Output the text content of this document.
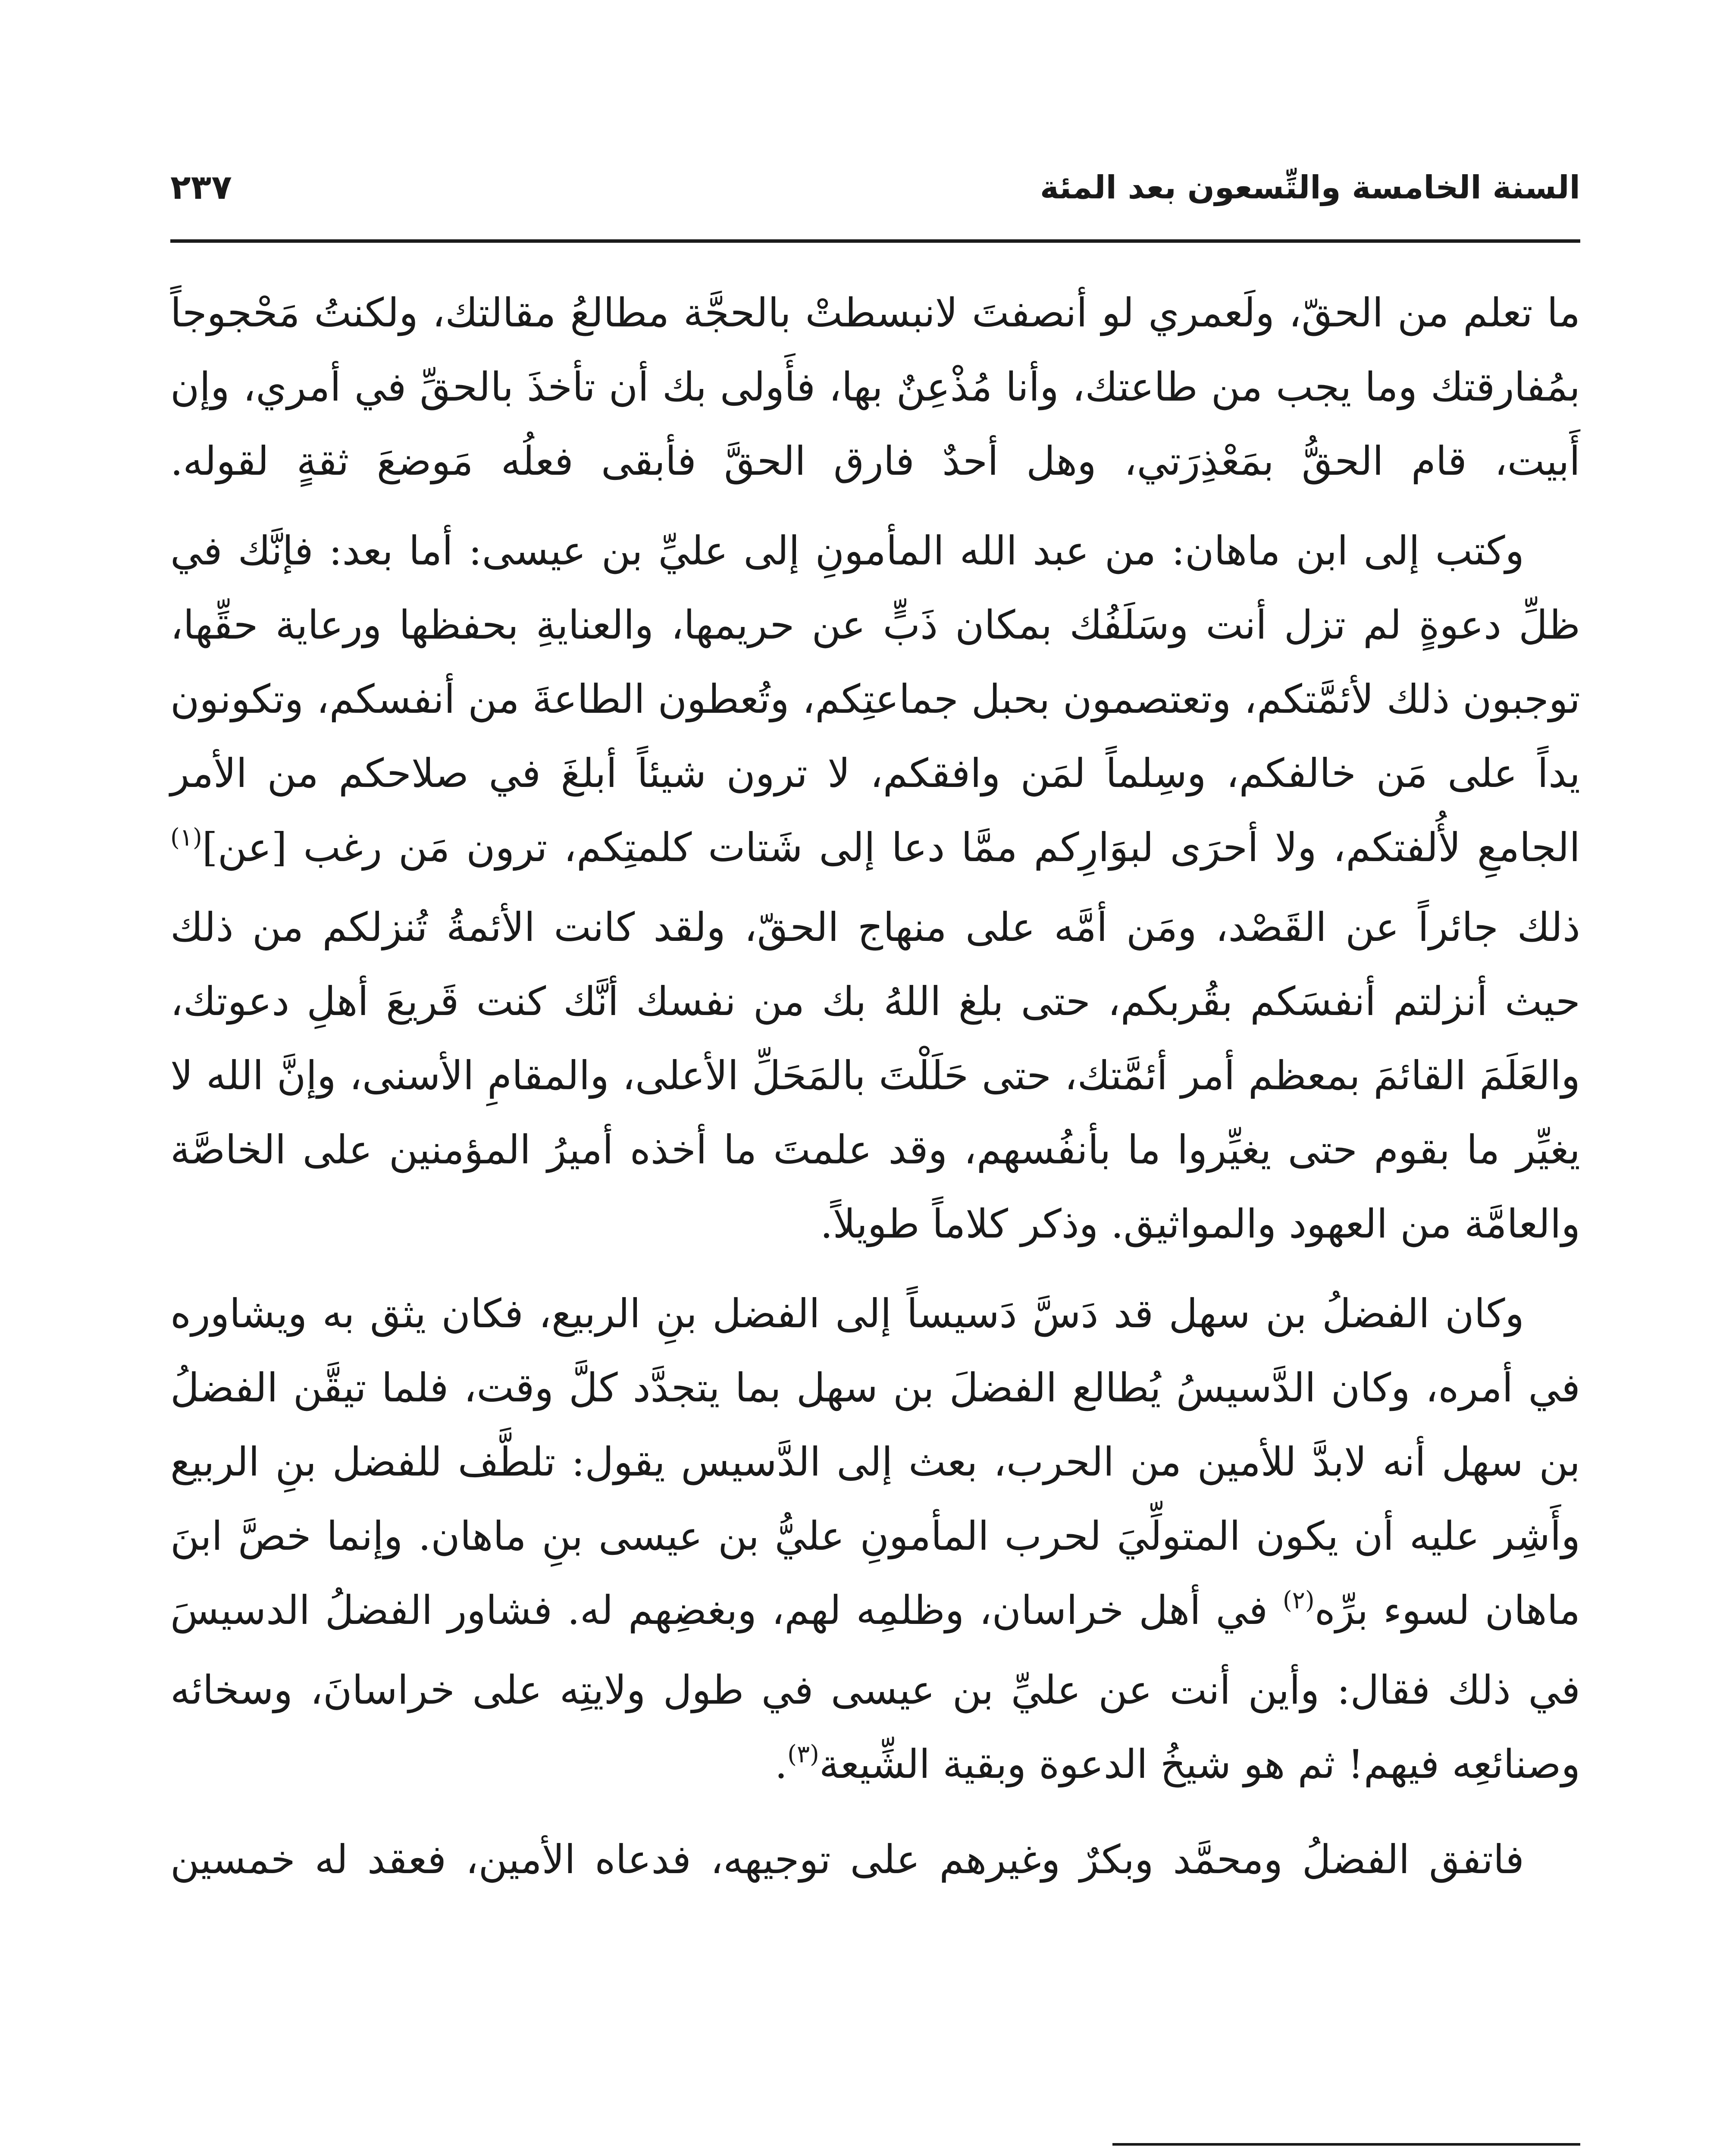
السنة الخامسة والتِّسعون بعد المئة
٢٣٧

ما تعلم من الحقّ، ولَعمري لو أنصفتَ لانبسطتْ بالحجَّة مطالعُ مقالتك، ولكنتُ مَحْجوجاً بمُفارقتك وما يجب من طاعتك، وأنا مُذْعِنٌ بها، فأَولى بك أن تأخذَ بالحقِّ في أمري، وإن أَبيت، قام الحقُّ بمَعْذِرَتي، وهل أحدٌ فارق الحقَّ فأبقى فعلُه مَوضعَ ثقةٍ لقوله.

وكتب إلى ابن ماهان: من عبد الله المأمونِ إلى عليِّ بن عيسى: أما بعد: فإنَّك في ظلِّ دعوةٍ لم تزل أنت وسَلَفُك بمكان ذَبٍّ عن حريمها، والعنايةِ بحفظها ورعاية حقِّها، توجبون ذلك لأئمَّتكم، وتعتصمون بحبل جماعتِكم، وتُعطون الطاعةَ من أنفسكم، وتكونون يداً على مَن خالفكم، وسِلماً لمَن وافقكم، لا ترون شيئاً أبلغَ في صلاحكم من الأمر الجامعِ لأُلفتكم، ولا أحرَى لبوَارِكم ممَّا دعا إلى شَتات كلمتِكم، ترون مَن رغب [عن]$^{(١)}$ ذلك جائراً عن القَصْد، ومَن أمَّه على منهاج الحقّ، ولقد كانت الأئمةُ تُنزلكم من ذلك حيث أنزلتم أنفسَكم بقُربكم، حتى بلغ اللهُ بك من نفسك أنَّك كنت قَريعَ أهلِ دعوتك، والعَلَمَ القائمَ بمعظم أمر أئمَّتك، حتى حَلَلْتَ بالمَحَلِّ الأعلى، والمقامِ الأسنى، وإنَّ الله لا يغيِّر ما بقوم حتى يغيِّروا ما بأنفُسهم، وقد علمتَ ما أخذه أميرُ المؤمنين على الخاصَّة والعامَّة من العهود والمواثيق. وذكر كلاماً طويلاً.

وكان الفضلُ بن سهل قد دَسَّ دَسيساً إلى الفضل بنِ الربيع، فكان يثق به ويشاوره في أمره، وكان الدَّسيسُ يُطالع الفضلَ بن سهل بما يتجدَّد كلَّ وقت، فلما تيقَّن الفضلُ بن سهل أنه لابدَّ للأمين من الحرب، بعث إلى الدَّسيس يقول: تلطَّف للفضل بنِ الربيع وأَشِر عليه أن يكون المتولِّيَ لحرب المأمونِ عليُّ بن عيسى بنِ ماهان. وإنما خصَّ ابنَ ماهان لسوء برِّه$^{(٢)}$ في أهل خراسان، وظلمِه لهم، وبغضِهم له. فشاور الفضلُ الدسيسَ في ذلك فقال: وأين أنت عن عليِّ بن عيسى في طول ولايتِه على خراسانَ، وسخائه وصنائعِه فيهم! ثم هو شيخُ الدعوة وبقية الشِّيعة$^{(٣)}$.

فاتفق الفضلُ ومحمَّد وبكرٌ وغيرهم على توجيهه، فدعاه الأمين، فعقد له خمسين
